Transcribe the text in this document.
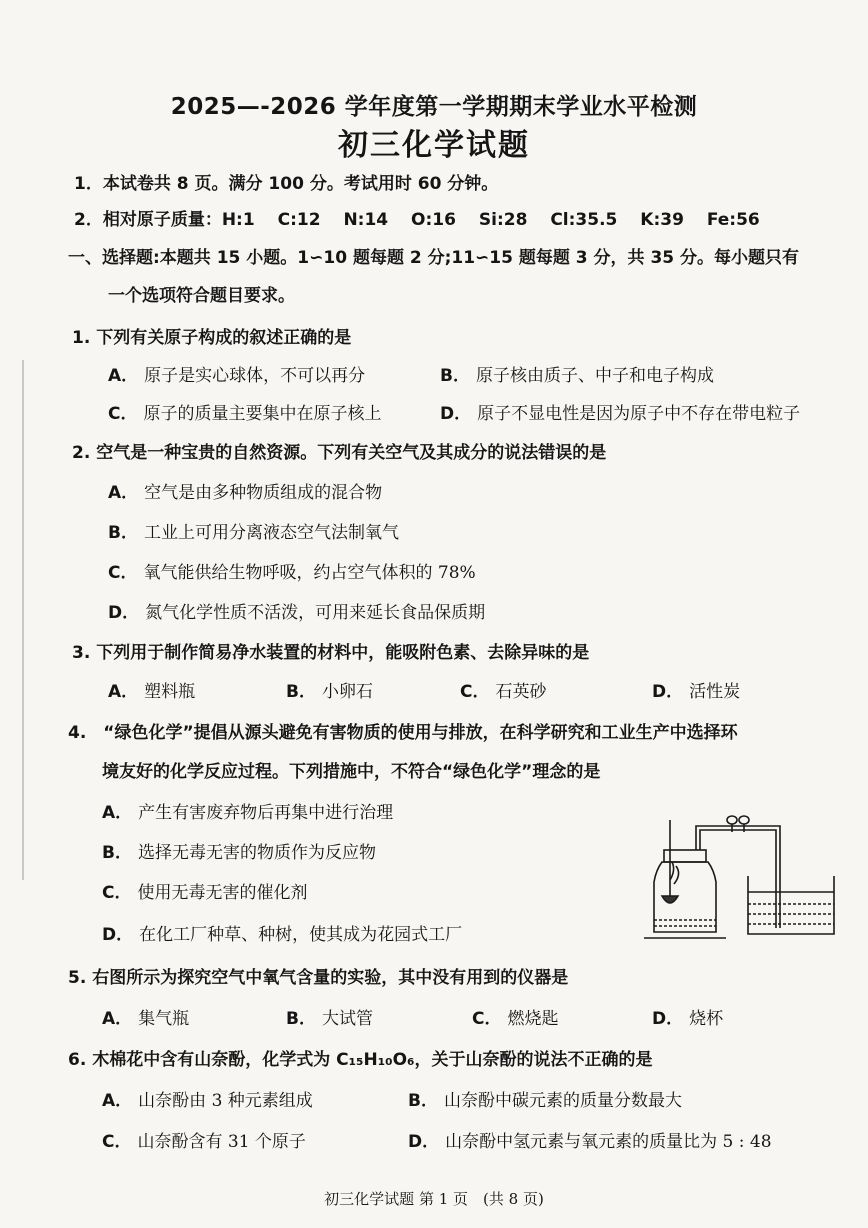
2025—-2026 学年度第一学期期末学业水平检测
初三化学试题
1．本试卷共 8 页。满分 100 分。考试用时 60 分钟。
2．相对原子质量：H:1　 C:12　 N:14　 O:16　 Si:28　 Cl:35.5　 K:39　 Fe:56
一、选择题:本题共 15 小题。1∽10 题每题 2 分;11∽15 题每题 3 分，共 35 分。每小题只有
一个选项符合题目要求。
1. 下列有关原子构成的叙述正确的是
A． 原子是实心球体，不可以再分	B． 原子核由质子、中子和电子构成
C． 原子的质量主要集中在原子核上	D． 原子不显电性是因为原子中不存在带电粒子
2. 空气是一种宝贵的自然资源。下列有关空气及其成分的说法错误的是
A． 空气是由多种物质组成的混合物
B． 工业上可用分离液态空气法制氧气
C． 氧气能供给生物呼吸，约占空气体积的 78%
D． 氮气化学性质不活泼，可用来延长食品保质期
3. 下列用于制作简易净水装置的材料中，能吸附色素、去除异味的是
A． 塑料瓶	B． 小卵石	C． 石英砂	D． 活性炭
4.　“绿色化学”提倡从源头避免有害物质的使用与排放，在科学研究和工业生产中选择环
境友好的化学反应过程。下列措施中，不符合“绿色化学”理念的是
A． 产生有害废弃物后再集中进行治理
B． 选择无毒无害的物质作为反应物
C． 使用无毒无害的催化剂
D． 在化工厂种草、种树，使其成为花园式工厂
5. 右图所示为探究空气中氧气含量的实验，其中没有用到的仪器是
A． 集气瓶	B． 大试管	C． 燃烧匙	D． 烧杯
6. 木棉花中含有山奈酚，化学式为 C₁₅H₁₀O₆，关于山奈酚的说法不正确的是
A． 山奈酚由 3 种元素组成	B． 山奈酚中碳元素的质量分数最大
C． 山奈酚含有 31 个原子	D． 山奈酚中氢元素与氧元素的质量比为 5 : 48
初三化学试题 第 1 页　(共 8 页)
